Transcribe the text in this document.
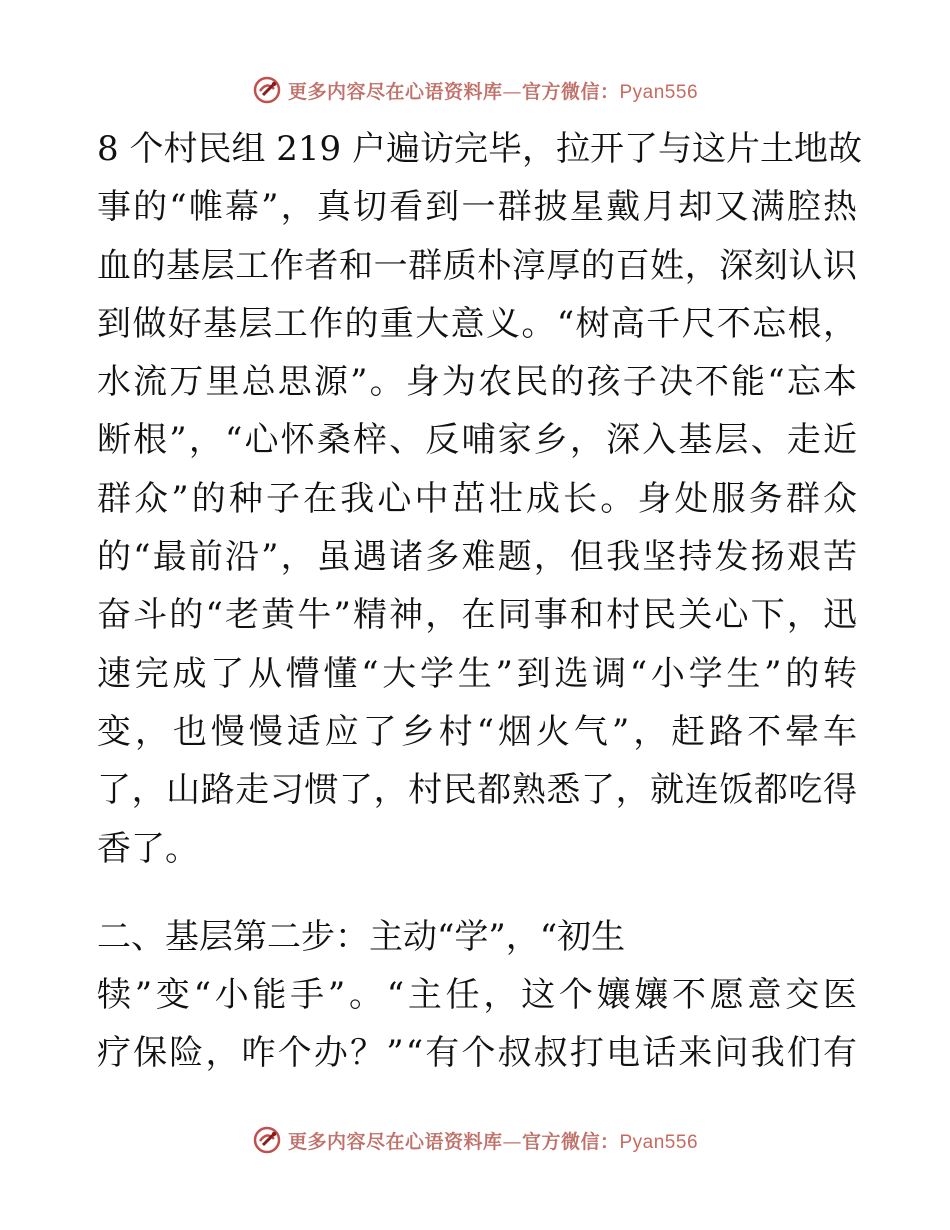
更多内容尽在心语资料库—官方微信：Pyan556
8 个村民组 219 户遍访完毕，拉开了与这片土地故
事的“帷幕”，真切看到一群披星戴月却又满腔热
血的基层工作者和一群质朴淳厚的百姓，深刻认识
到做好基层工作的重大意义。“树高千尺不忘根，
水流万里总思源”。身为农民的孩子决不能“忘本
断根”，“心怀桑梓、反哺家乡，深入基层、走近
群众”的种子在我心中茁壮成长。身处服务群众
的“最前沿”，虽遇诸多难题，但我坚持发扬艰苦
奋斗的“老黄牛”精神，在同事和村民关心下，迅
速完成了从懵懂“大学生”到选调“小学生”的转
变，也慢慢适应了乡村“烟火气”，赶路不晕车
了，山路走习惯了，村民都熟悉了，就连饭都吃得
香了。
二、基层第二步：主动“学”，“初生
犊”变“小能手”。“主任，这个孃孃不愿意交医
疗保险，咋个办？”“有个叔叔打电话来问我们有
更多内容尽在心语资料库—官方微信：Pyan556
